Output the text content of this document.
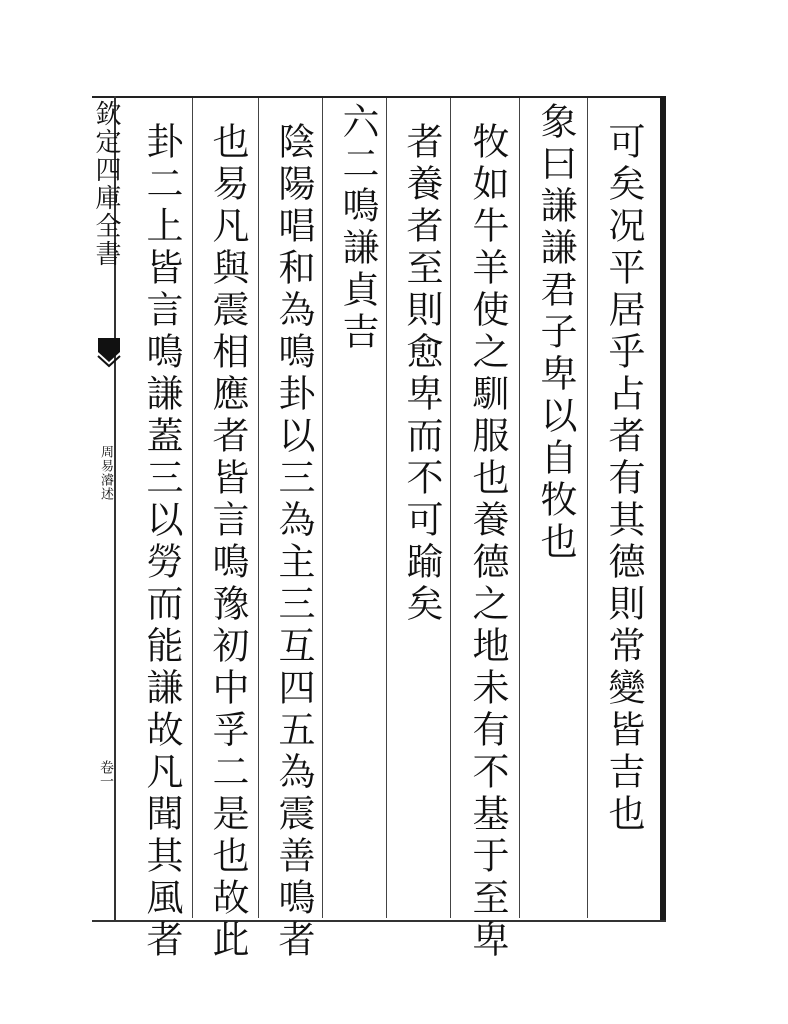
欽定四庫全書
周易濬述
卷一	可矣况平居乎占者有其德則常變皆吉也
象曰謙謙君子卑以自牧也
牧如牛羊使之馴服也養德之地未有不基于至卑
者養者至則愈卑而不可踰矣
六二鳴謙貞吉
陰陽唱和為鳴卦以三為主三互四五為震善鳴者
也易凡與震相應者皆言鳴豫初中孚二是也故此
卦二上皆言鳴謙蓋三以勞而能謙故凡聞其風者
